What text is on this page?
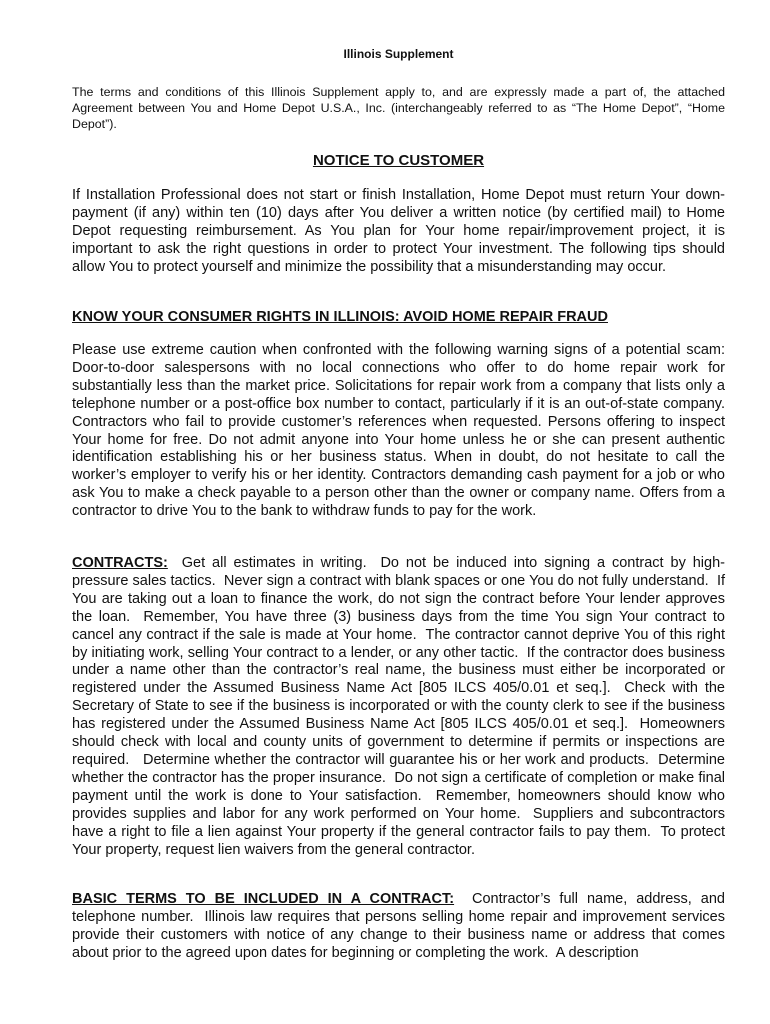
Illinois Supplement
The terms and conditions of this Illinois Supplement apply to, and are expressly made a part of, the attached Agreement between You and Home Depot U.S.A., Inc. (interchangeably referred to as “The Home Depot”, “Home Depot”).
NOTICE TO CUSTOMER
If Installation Professional does not start or finish Installation, Home Depot must return Your down-payment (if any) within ten (10) days after You deliver a written notice (by certified mail) to Home Depot requesting reimbursement. As You plan for Your home repair/improvement project, it is important to ask the right questions in order to protect Your investment. The following tips should allow You to protect yourself and minimize the possibility that a misunderstanding may occur.
KNOW YOUR CONSUMER RIGHTS IN ILLINOIS: AVOID HOME REPAIR FRAUD
Please use extreme caution when confronted with the following warning signs of a potential scam: Door-to-door salespersons with no local connections who offer to do home repair work for substantially less than the market price. Solicitations for repair work from a company that lists only a telephone number or a post-office box number to contact, particularly if it is an out-of-state company. Contractors who fail to provide customer’s references when requested. Persons offering to inspect Your home for free. Do not admit anyone into Your home unless he or she can present authentic identification establishing his or her business status. When in doubt, do not hesitate to call the worker’s employer to verify his or her identity. Contractors demanding cash payment for a job or who ask You to make a check payable to a person other than the owner or company name. Offers from a contractor to drive You to the bank to withdraw funds to pay for the work.
CONTRACTS:  Get all estimates in writing.  Do not be induced into signing a contract by high-pressure sales tactics.  Never sign a contract with blank spaces or one You do not fully understand.  If You are taking out a loan to finance the work, do not sign the contract before Your lender approves the loan.  Remember, You have three (3) business days from the time You sign Your contract to cancel any contract if the sale is made at Your home.  The contractor cannot deprive You of this right by initiating work, selling Your contract to a lender, or any other tactic.  If the contractor does business under a name other than the contractor’s real name, the business must either be incorporated or registered under the Assumed Business Name Act [805 ILCS 405/0.01 et seq.].  Check with the Secretary of State to see if the business is incorporated or with the county clerk to see if the business has registered under the Assumed Business Name Act [805 ILCS 405/0.01 et seq.].  Homeowners should check with local and county units of government to determine if permits or inspections are required.   Determine whether the contractor will guarantee his or her work and products.  Determine whether the contractor has the proper insurance.  Do not sign a certificate of completion or make final payment until the work is done to Your satisfaction.  Remember, homeowners should know who provides supplies and labor for any work performed on Your home.  Suppliers and subcontractors have a right to file a lien against Your property if the general contractor fails to pay them.  To protect Your property, request lien waivers from the general contractor.
BASIC TERMS TO BE INCLUDED IN A CONTRACT:  Contractor’s full name, address, and telephone number.  Illinois law requires that persons selling home repair and improvement services provide their customers with notice of any change to their business name or address that comes about prior to the agreed upon dates for beginning or completing the work.  A description
